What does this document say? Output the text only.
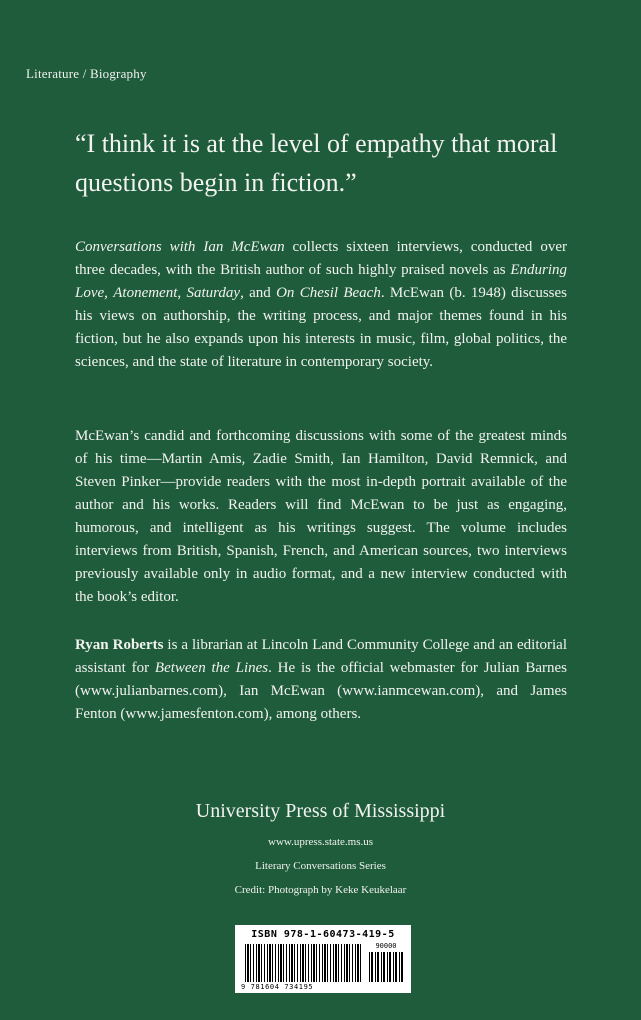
Literature / Biography
“I think it is at the level of empathy that moral questions begin in fiction.”
Conversations with Ian McEwan collects sixteen interviews, conducted over three decades, with the British author of such highly praised novels as Enduring Love, Atonement, Saturday, and On Chesil Beach. McEwan (b. 1948) discusses his views on authorship, the writing process, and major themes found in his fiction, but he also expands upon his interests in music, film, global politics, the sciences, and the state of literature in contemporary society.
McEwan’s candid and forthcoming discussions with some of the greatest minds of his time—Martin Amis, Zadie Smith, Ian Hamilton, David Remnick, and Steven Pinker—provide readers with the most in-depth portrait available of the author and his works. Readers will find McEwan to be just as engaging, humorous, and intelligent as his writings suggest. The volume includes interviews from British, Spanish, French, and American sources, two interviews previously available only in audio format, and a new interview conducted with the book’s editor.
Ryan Roberts is a librarian at Lincoln Land Community College and an editorial assistant for Between the Lines. He is the official webmaster for Julian Barnes (www.julianbarnes.com), Ian McEwan (www.ianmcewan.com), and James Fenton (www.jamesfenton.com), among others.
University Press of Mississippi
www.upress.state.ms.us
Literary Conversations Series
Credit: Photograph by Keke Keukelaar
ISBN 978-1-60473-419-5
90000
9 781604 734195
